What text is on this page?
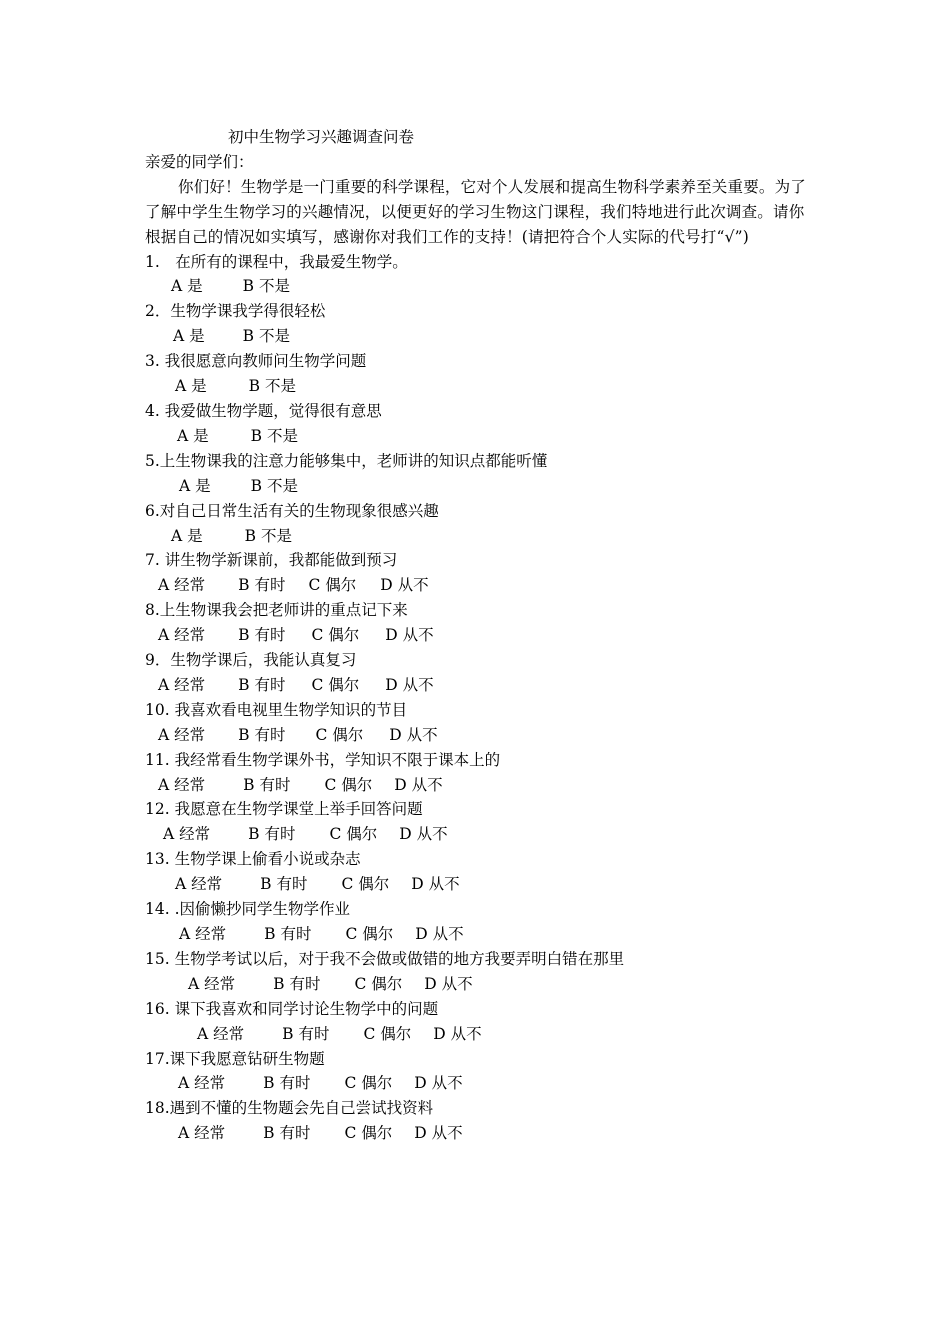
初中生物学习兴趣调查问卷
亲爱的同学们：
你们好！生物学是一门重要的科学课程，它对个人发展和提高生物科学素养至关重要。为了了解中学生生物学习的兴趣情况，以便更好的学习生物这门课程，我们特地进行此次调查。请你根据自己的情况如实填写，感谢你对我们工作的支持！(请把符合个人实际的代号打“√”)
1.　在所有的课程中，我最爱生物学。
A 是	B 不是
2．生物学课我学得很轻松
A 是 B 不是
3. 我很愿意向教师问生物学问题
A 是	B 不是
4. 我爱做生物学题，觉得很有意思
A 是	B 不是
5.上生物课我的注意力能够集中，老师讲的知识点都能听懂
A 是	B 不是
6.对自己日常生活有关的生物现象很感兴趣
A 是	B 不是
7. 讲生物学新课前，我都能做到预习
A 经常 B 有时 C 偶尔 D 从不
8.上生物课我会把老师讲的重点记下来
A 经常 B 有时 C 偶尔 D 从不
9．生物学课后，我能认真复习
A 经常 B 有时 C 偶尔 D 从不
10. 我喜欢看电视里生物学知识的节目
A 经常 B 有时 C 偶尔 D 从不
11. 我经常看生物学课外书，学知识不限于课本上的
A 经常 B 有时 C 偶尔 D 从不
12. 我愿意在生物学课堂上举手回答问题
A 经常 B 有时 C 偶尔 D 从不
13. 生物学课上偷看小说或杂志
A 经常 B 有时 C 偶尔 D 从不
14. .因偷懒抄同学生物学作业
A 经常 B 有时 C 偶尔 D 从不
15. 生物学考试以后，对于我不会做或做错的地方我要弄明白错在那里
A 经常 B 有时 C 偶尔 D 从不
16. 课下我喜欢和同学讨论生物学中的问题
A 经常 B 有时 C 偶尔 D 从不
17.课下我愿意钻研生物题
A 经常 B 有时 C 偶尔 D 从不
18.遇到不懂的生物题会先自己尝试找资料
A 经常 B 有时 C 偶尔 D 从不
